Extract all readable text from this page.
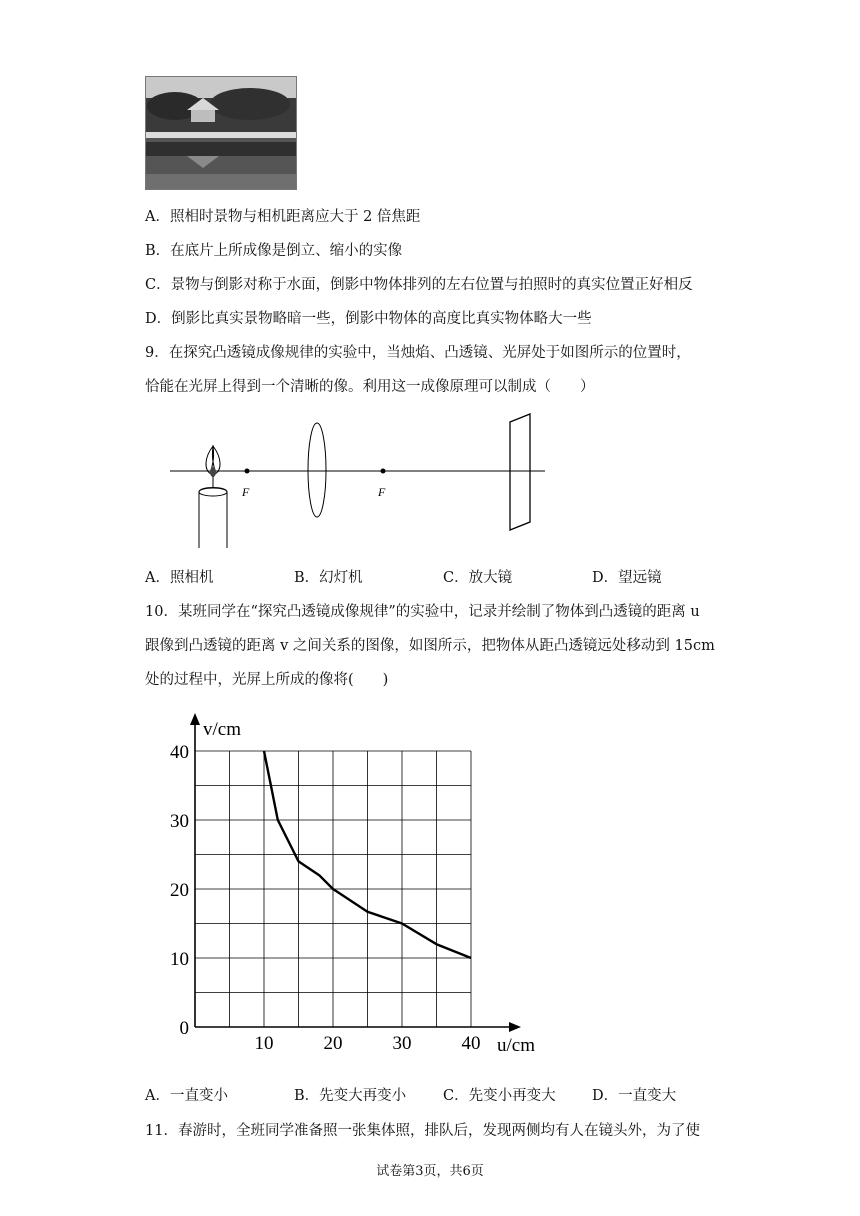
A．照相时景物与相机距离应大于 2 倍焦距
B．在底片上所成像是倒立、缩小的实像
C．景物与倒影对称于水面，倒影中物体排列的左右位置与拍照时的真实位置正好相反
D．倒影比真实景物略暗一些，倒影中物体的高度比真实物体略大一些
9．在探究凸透镜成像规律的实验中，当烛焰、凸透镜、光屏处于如图所示的位置时，
恰能在光屏上得到一个清晰的像。利用这一成像原理可以制成（　　）
F	F
A．照相机	B．幻灯机	C．放大镜	D．望远镜
10．某班同学在“探究凸透镜成像规律”的实验中，记录并绘制了物体到凸透镜的距离 u
跟像到凸透镜的距离 v 之间关系的图像，如图所示，把物体从距凸透镜远处移动到 15cm
处的过程中，光屏上所成的像将(　　)
10	20	30	40
0
10
20
30
40
u/cm
v/cm
A．一直变小	B．先变大再变小	C．先变小再变大	D．一直变大
11．春游时，全班同学准备照一张集体照，排队后，发现两侧均有人在镜头外，为了使
试卷第3页，共6页
